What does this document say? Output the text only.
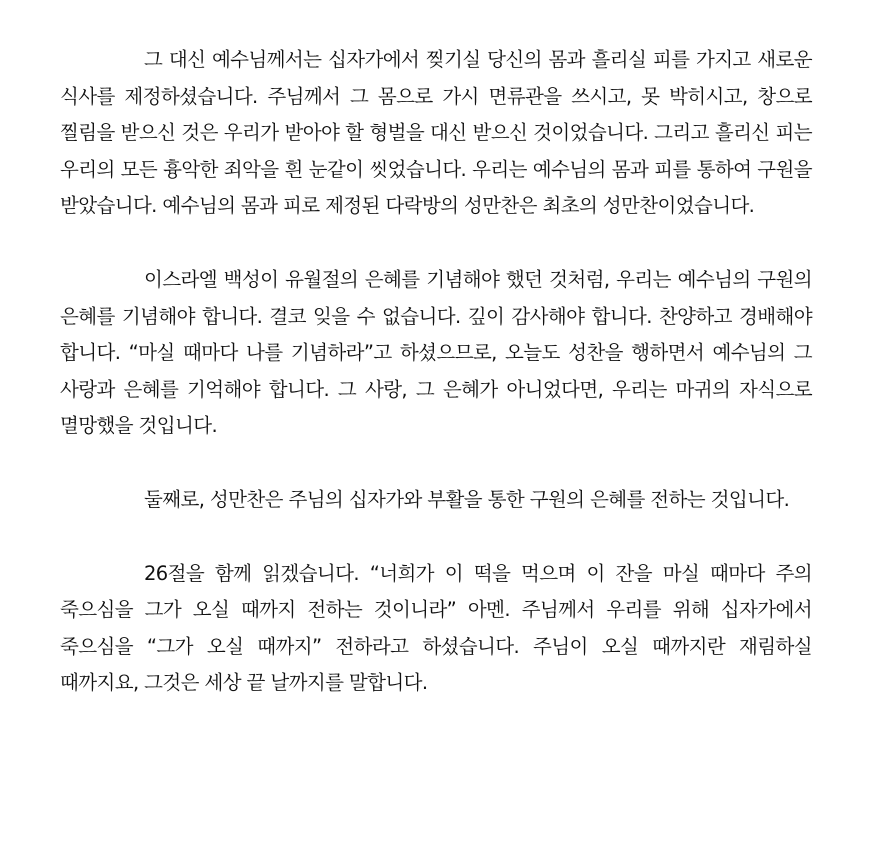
그 대신 예수님께서는 십자가에서 찢기실 당신의 몸과 흘리실 피를 가지고 새로운 식사를 제정하셨습니다. 주님께서 그 몸으로 가시 면류관을 쓰시고, 못 박히시고, 창으로 찔림을 받으신 것은 우리가 받아야 할 형벌을 대신 받으신 것이었습니다. 그리고 흘리신 피는 우리의 모든 흉악한 죄악을 흰 눈같이 씻었습니다. 우리는 예수님의 몸과 피를 통하여 구원을 받았습니다. 예수님의 몸과 피로 제정된 다락방의 성만찬은 최초의 성만찬이었습니다.

이스라엘 백성이 유월절의 은혜를 기념해야 했던 것처럼, 우리는 예수님의 구원의 은혜를 기념해야 합니다. 결코 잊을 수 없습니다. 깊이 감사해야 합니다. 찬양하고 경배해야 합니다. “마실 때마다 나를 기념하라”고 하셨으므로, 오늘도 성찬을 행하면서 예수님의 그 사랑과 은혜를 기억해야 합니다. 그 사랑, 그 은혜가 아니었다면, 우리는 마귀의 자식으로 멸망했을 것입니다.

둘째로, 성만찬은 주님의 십자가와 부활을 통한 구원의 은혜를 전하는 것입니다.

26절을 함께 읽겠습니다. “너희가 이 떡을 먹으며 이 잔을 마실 때마다 주의 죽으심을 그가 오실 때까지 전하는 것이니라” 아멘. 주님께서 우리를 위해 십자가에서 죽으심을 “그가 오실 때까지” 전하라고 하셨습니다. 주님이 오실 때까지란 재림하실 때까지요, 그것은 세상 끝 날까지를 말합니다.
